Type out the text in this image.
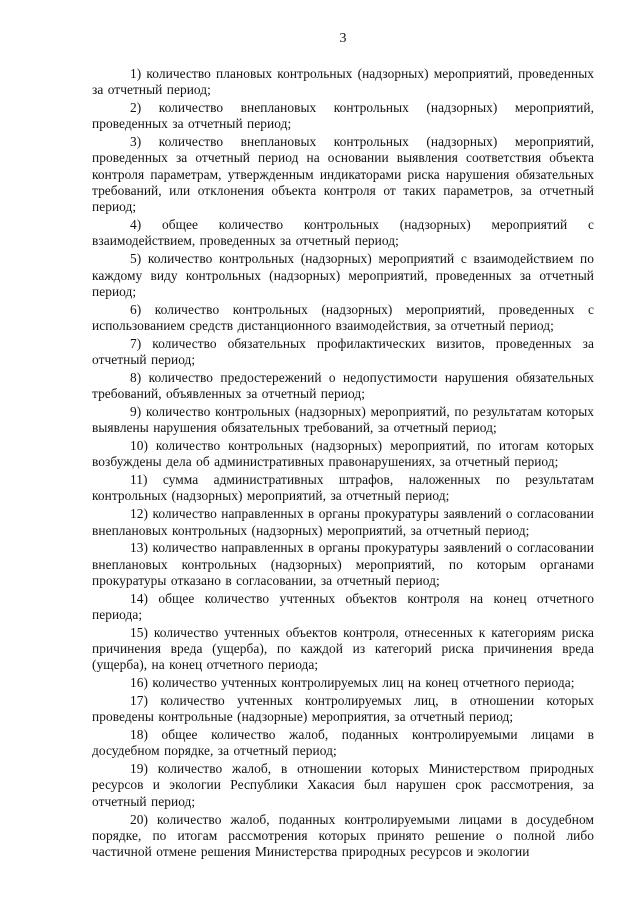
3

1) количество плановых контрольных (надзорных) мероприятий, проведенных за отчетный период;

2) количество внеплановых контрольных (надзорных) мероприятий, проведенных за отчетный период;

3) количество внеплановых контрольных (надзорных) мероприятий, проведенных за отчетный период на основании выявления соответствия объекта контроля параметрам, утвержденным индикаторами риска нарушения обязательных требований, или отклонения объекта контроля от таких параметров, за отчетный период;

4) общее количество контрольных (надзорных) мероприятий с взаимодействием, проведенных за отчетный период;

5) количество контрольных (надзорных) мероприятий с взаимодействием по каждому виду контрольных (надзорных) мероприятий, проведенных за отчетный период;

6) количество контрольных (надзорных) мероприятий, проведенных с использованием средств дистанционного взаимодействия, за отчетный период;

7) количество обязательных профилактических визитов, проведенных за отчетный период;

8) количество предостережений о недопустимости нарушения обязательных требований, объявленных за отчетный период;

9) количество контрольных (надзорных) мероприятий, по результатам которых выявлены нарушения обязательных требований, за отчетный период;

10) количество контрольных (надзорных) мероприятий, по итогам которых возбуждены дела об административных правонарушениях, за отчетный период;

11) сумма административных штрафов, наложенных по результатам контрольных (надзорных) мероприятий, за отчетный период;

12) количество направленных в органы прокуратуры заявлений о согласовании внеплановых контрольных (надзорных) мероприятий, за отчетный период;

13) количество направленных в органы прокуратуры заявлений о согласовании внеплановых контрольных (надзорных) мероприятий, по которым органами прокуратуры отказано в согласовании, за отчетный период;

14) общее количество учтенных объектов контроля на конец отчетного периода;

15) количество учтенных объектов контроля, отнесенных к категориям риска причинения вреда (ущерба), по каждой из категорий риска причинения вреда (ущерба), на конец отчетного периода;

16) количество учтенных контролируемых лиц на конец отчетного периода;

17) количество учтенных контролируемых лиц, в отношении которых проведены контрольные (надзорные) мероприятия, за отчетный период;

18) общее количество жалоб, поданных контролируемыми лицами в досудебном порядке, за отчетный период;

19) количество жалоб, в отношении которых Министерством природных ресурсов и экологии Республики Хакасия был нарушен срок рассмотрения, за отчетный период;

20) количество жалоб, поданных контролируемыми лицами в досудебном порядке, по итогам рассмотрения которых принято решение о полной либо частичной отмене решения Министерства природных ресурсов и экологии
